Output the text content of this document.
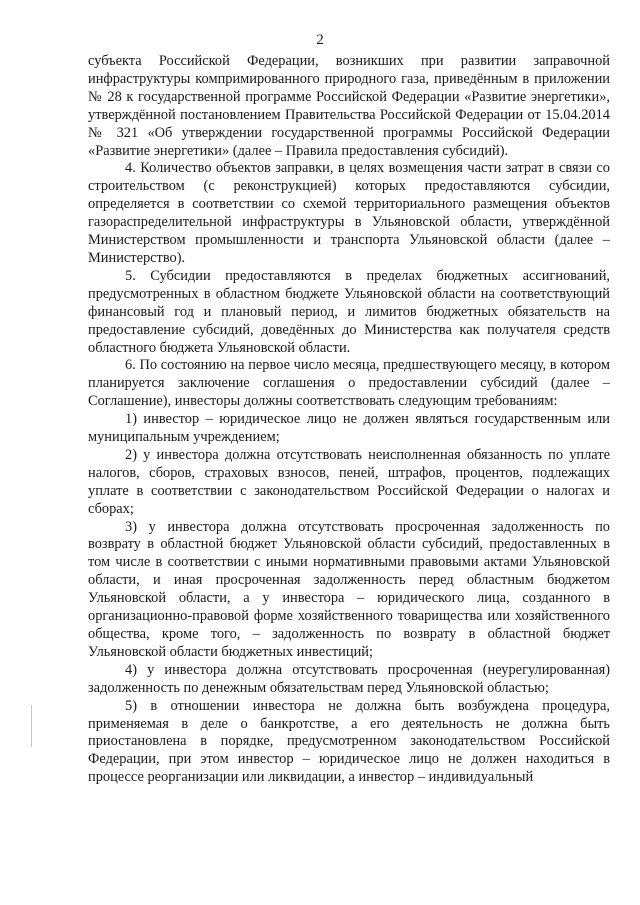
2

субъекта Российской Федерации, возникших при развитии заправочной инфраструктуры компримированного природного газа, приведённым в приложении № 28 к государственной программе Российской Федерации «Развитие энергетики», утверждённой постановлением Правительства Российской Федерации от 15.04.2014 № 321 «Об утверждении государственной программы Российской Федерации «Развитие энергетики» (далее – Правила предоставления субсидий).

4. Количество объектов заправки, в целях возмещения части затрат в связи со строительством (с реконструкцией) которых предоставляются субсидии, определяется в соответствии со схемой территориального размещения объектов газораспределительной инфраструктуры в Ульяновской области, утверждённой Министерством промышленности и транспорта Ульяновской области (далее – Министерство).

5. Субсидии предоставляются в пределах бюджетных ассигнований, предусмотренных в областном бюджете Ульяновской области на соответствующий финансовый год и плановый период, и лимитов бюджетных обязательств на предоставление субсидий, доведённых до Министерства как получателя средств областного бюджета Ульяновской области.

6. По состоянию на первое число месяца, предшествующего месяцу, в котором планируется заключение соглашения о предоставлении субсидий (далее – Соглашение), инвесторы должны соответствовать следующим требованиям:

1) инвестор – юридическое лицо не должен являться государственным или муниципальным учреждением;

2) у инвестора должна отсутствовать неисполненная обязанность по уплате налогов, сборов, страховых взносов, пеней, штрафов, процентов, подлежащих уплате в соответствии с законодательством Российской Федерации о налогах и сборах;

3) у инвестора должна отсутствовать просроченная задолженность по возврату в областной бюджет Ульяновской области субсидий, предоставленных в том числе в соответствии с иными нормативными правовыми актами Ульяновской области, и иная просроченная задолженность перед областным бюджетом Ульяновской области, а у инвестора – юридического лица, созданного в организационно-правовой форме хозяйственного товарищества или хозяйственного общества, кроме того, – задолженность по возврату в областной бюджет Ульяновской области бюджетных инвестиций;

4) у инвестора должна отсутствовать просроченная (неурегулированная) задолженность по денежным обязательствам перед Ульяновской областью;

5) в отношении инвестора не должна быть возбуждена процедура, применяемая в деле о банкротстве, а его деятельность не должна быть приостановлена в порядке, предусмотренном законодательством Российской Федерации, при этом инвестор – юридическое лицо не должен находиться в процессе реорганизации или ликвидации, а инвестор – индивидуальный
